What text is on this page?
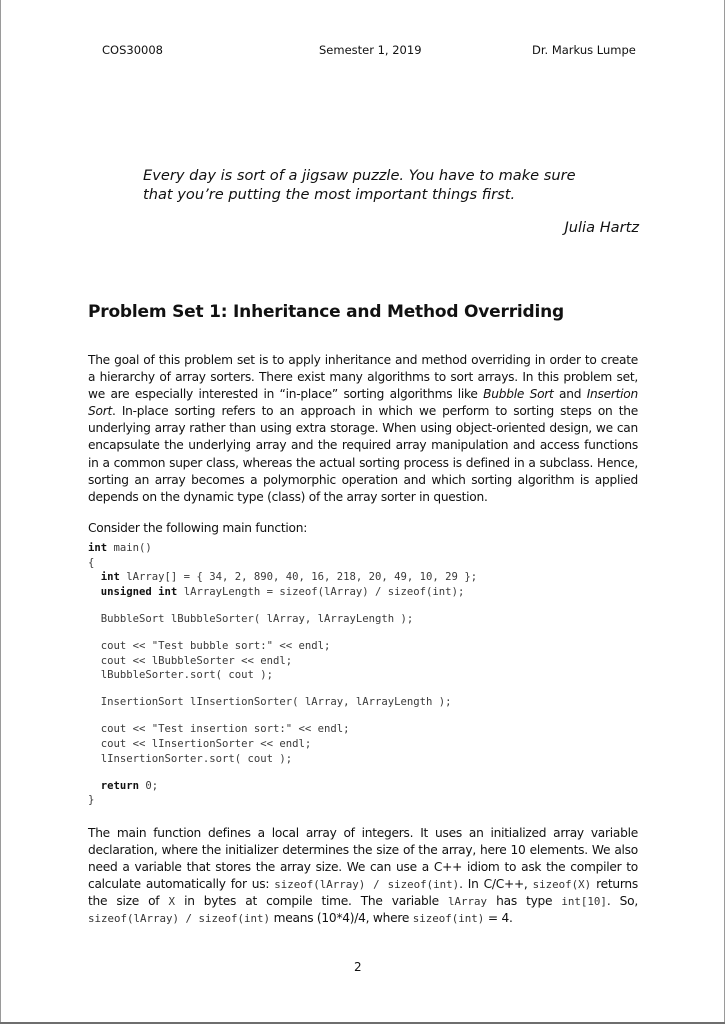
COS30008	Semester 1, 2019	Dr. Markus Lumpe
Every day is sort of a jigsaw puzzle. You have to make sure that you’re putting the most important things first.
Julia Hartz
Problem Set 1: Inheritance and Method Overriding
The goal of this problem set is to apply inheritance and method overriding in order to create a hierarchy of array sorters. There exist many algorithms to sort arrays. In this problem set, we are especially interested in “in-place” sorting algorithms like Bubble Sort and Insertion Sort. In-place sorting refers to an approach in which we perform to sorting steps on the underlying array rather than using extra storage. When using object-oriented design, we can encapsulate the underlying array and the required array manipulation and access functions in a common super class, whereas the actual sorting process is defined in a subclass. Hence, sorting an array becomes a polymorphic operation and which sorting algorithm is applied depends on the dynamic type (class) of the array sorter in question.
Consider the following main function:
int main()
{
int lArray[] = { 34, 2, 890, 40, 16, 218, 20, 49, 10, 29 };
unsigned int lArrayLength = sizeof(lArray) / sizeof(int);
BubbleSort lBubbleSorter( lArray, lArrayLength );
cout << "Test bubble sort:" << endl;
cout << lBubbleSorter << endl;
lBubbleSorter.sort( cout );
InsertionSort lInsertionSorter( lArray, lArrayLength );
cout << "Test insertion sort:" << endl;
cout << lInsertionSorter << endl;
lInsertionSorter.sort( cout );
return 0;
}
The main function defines a local array of integers. It uses an initialized array variable declaration, where the initializer determines the size of the array, here 10 elements. We also need a variable that stores the array size. We can use a C++ idiom to ask the compiler to calculate automatically for us: sizeof(lArray) / sizeof(int). In C/C++, sizeof(X) returns the size of X in bytes at compile time. The variable lArray has type int[10]. So, sizeof(lArray) / sizeof(int) means (10*4)/4, where sizeof(int) = 4.
2
